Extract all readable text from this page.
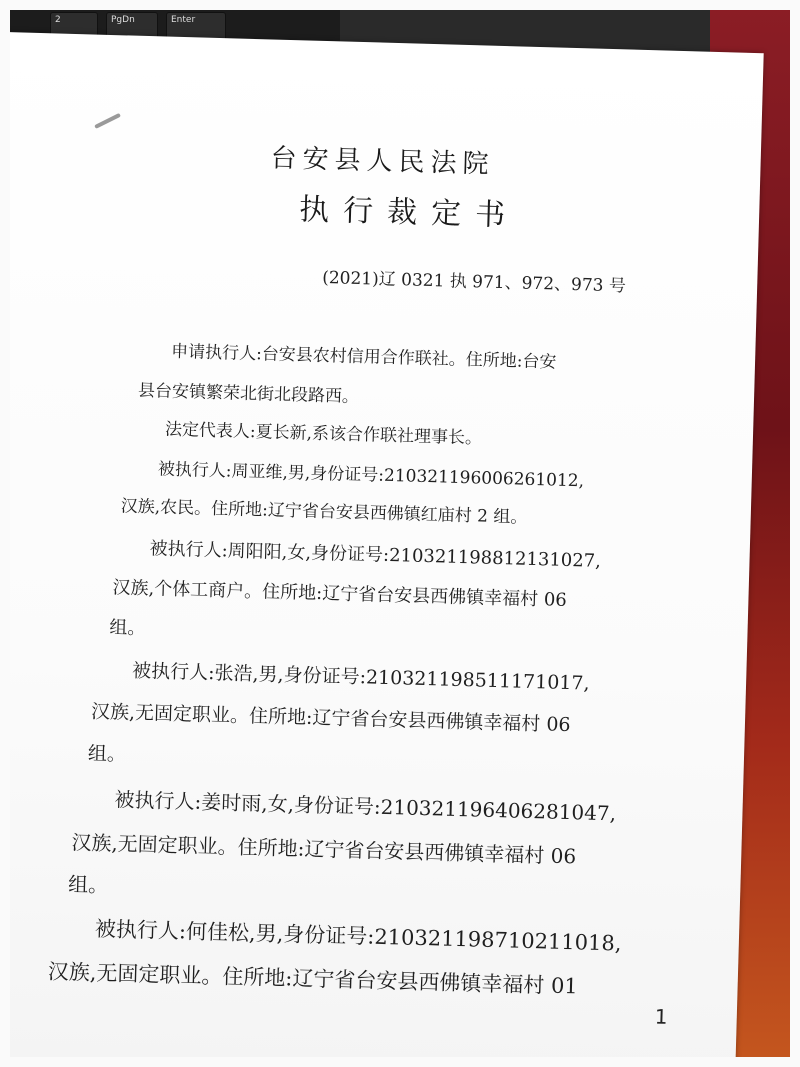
2	PgDn	Enter
台安县人民法院
执行裁定书
(2021)辽 0321 执 971、972、973 号
申请执行人:台安县农村信用合作联社。住所地:台安
县台安镇繁荣北街北段路西。
法定代表人:夏长新,系该合作联社理事长。
被执行人:周亚维,男,身份证号:210321196006261012,
汉族,农民。住所地:辽宁省台安县西佛镇红庙村 2 组。
被执行人:周阳阳,女,身份证号:210321198812131027,
汉族,个体工商户。住所地:辽宁省台安县西佛镇幸福村 06
组。
被执行人:张浩,男,身份证号:210321198511171017,
汉族,无固定职业。住所地:辽宁省台安县西佛镇幸福村 06
组。
被执行人:姜时雨,女,身份证号:210321196406281047,
汉族,无固定职业。住所地:辽宁省台安县西佛镇幸福村 06
组。
被执行人:何佳松,男,身份证号:210321198710211018,
汉族,无固定职业。住所地:辽宁省台安县西佛镇幸福村 01
1
